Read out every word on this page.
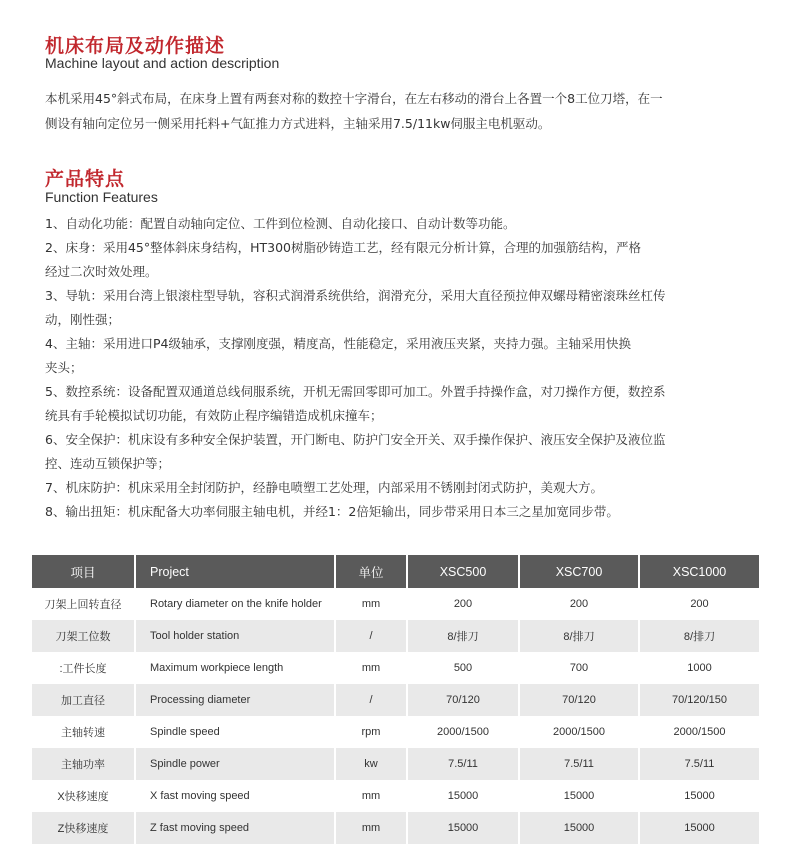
机床布局及动作描述
Machine layout and action description

本机采用45°斜式布局，在床身上置有两套对称的数控十字滑台，在左右移动的滑台上各置一个8工位刀塔，在一
侧设有轴向定位另一侧采用托料+气缸推力方式进料，主轴采用7.5/11kw伺服主电机驱动。

产品特点
Function Features
1、自动化功能：配置自动轴向定位、工件到位检测、自动化接口、自动计数等功能。
2、床身：采用45°整体斜床身结构，HT300树脂砂铸造工艺，经有限元分析计算，合理的加强筋结构，严格
经过二次时效处理。
3、导轨：采用台湾上银滚柱型导轨，容积式润滑系统供给，润滑充分，采用大直径预拉伸双螺母精密滚珠丝杠传
动，刚性强；
4、主轴：采用进口P4级轴承，支撑刚度强，精度高，性能稳定，采用液压夹紧，夹持力强。主轴采用快换
夹头；
5、数控系统：设备配置双通道总线伺服系统，开机无需回零即可加工。外置手持操作盒，对刀操作方便，数控系
统具有手轮模拟试切功能，有效防止程序编错造成机床撞车；
6、安全保护：机床设有多种安全保护装置，开门断电、防护门安全开关、双手操作保护、液压安全保护及液位监
控、连动互锁保护等；
7、机床防护：机床采用全封闭防护，经静电喷塑工艺处理，内部采用不锈刚封闭式防护，美观大方。
8、输出扭矩：机床配备大功率伺服主轴电机，并经1：2倍矩输出，同步带采用日本三之星加宽同步带。
项目	Project	单位	XSC500	XSC700	XSC1000
刀架上回转直径	Rotary diameter on the knife holder	mm	200	200	200
刀架工位数	Tool holder station	/	8/排刀	8/排刀	8/排刀
:工件长度	Maximum workpiece length	mm	500	700	1000
加工直径	Processing diameter	/	70/120	70/120	70/120/150
主轴转速	Spindle speed	rpm	2000/1500	2000/1500	2000/1500
主轴功率	Spindle power	kw	7.5/11	7.5/11	7.5/11
X快移速度	X fast moving speed	mm	15000	15000	15000
Z快移速度	Z fast moving speed	mm	15000	15000	15000
